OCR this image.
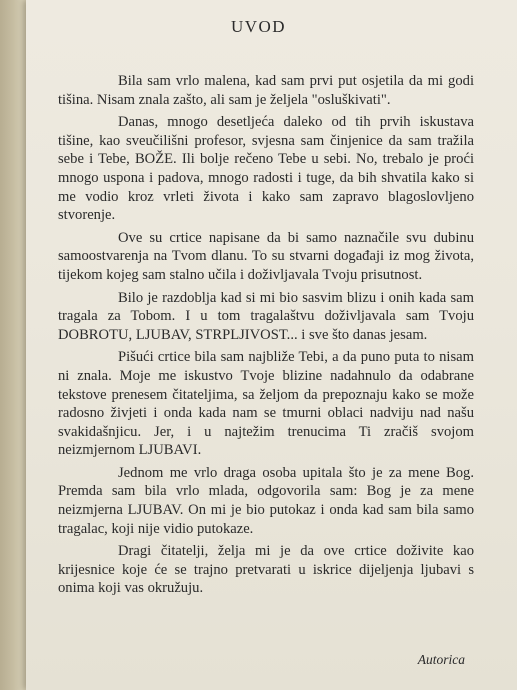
UVOD

Bila sam vrlo malena, kad sam prvi put osjetila da mi godi tišina. Nisam znala zašto, ali sam je željela "osluškivati".

Danas, mnogo desetljeća daleko od tih prvih iskustava tišine, kao sveučilišni profesor, svjesna sam činjenice da sam tražila sebe i Tebe, BOŽE. Ili bolje rečeno Tebe u sebi. No, trebalo je proći mnogo uspona i padova, mnogo radosti i tuge, da bih shvatila kako si me vodio kroz vrleti života i kako sam zapravo blagoslovljeno stvorenje.

Ove su crtice napisane da bi samo naznačile svu dubinu samoostvarenja na Tvom dlanu. To su stvarni događaji iz mog života, tijekom kojeg sam stalno učila i doživljavala Tvoju prisutnost.

Bilo je razdoblja kad si mi bio sasvim blizu i onih kada sam tragala za Tobom. I u tom tragalaštvu doživljavala sam Tvoju DOBROTU, LJUBAV, STRPLJIVOST... i sve što danas jesam.

Pišući crtice bila sam najbliže Tebi, a da puno puta to nisam ni znala. Moje me iskustvo Tvoje blizine nadahnulo da odabrane tekstove prenesem čitateljima, sa željom da prepoznaju kako se može radosno živjeti i onda kada nam se tmurni oblaci nadviju nad našu svakidašnjicu. Jer, i u najtežim trenucima Ti zračiš svojom neizmjernom LJUBAVI.

Jednom me vrlo draga osoba upitala što je za mene Bog. Premda sam bila vrlo mlada, odgovorila sam: Bog je za mene neizmjerna LJUBAV. On mi je bio putokaz i onda kad sam bila samo tragalac, koji nije vidio putokaze.

Dragi čitatelji, želja mi je da ove crtice doživite kao krijesnice koje će se trajno pretvarati u iskrice dijeljenja ljubavi s onima koji vas okružuju.

Autorica
